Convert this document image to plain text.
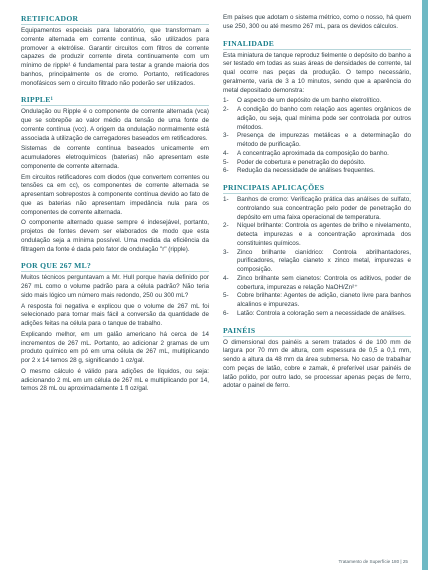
RETIFICADOR

Equipamentos especiais para laboratório, que transformam a corrente alternada em corrente contínua, são utilizados para promover a eletrólise. Garantir circuitos com filtros de corrente capazes de produzir corrente direta continuamente com um mínimo de ripple¹ é fundamental para testar a grande maioria dos banhos, principalmente os de cromo. Portanto, retificadores monofásicos sem o circuito filtrado não poderão ser utilizados.

RIPPLE¹

Ondulação ou Ripple é o componente de corrente alternada (vca) que se sobrepõe ao valor médio da tensão de uma fonte de corrente contínua (vcc). A origem da ondulação normalmente está associada à utilização de carregadores baseados em retificadores.

Sistemas de corrente contínua baseados unicamente em acumuladores eletroquímicos (baterias) não apresentam este componente de corrente alternada.

Em circuitos retificadores com diodos (que convertem correntes ou tensões ca em cc), os componentes de corrente alternada se apresentam sobrepostos à componente contínua devido ao fato de que as baterias não apresentam impedância nula para os componentes de corrente alternada.

O componente alternado quase sempre é indesejável, portanto, projetos de fontes devem ser elaborados de modo que esta ondulação seja a mínima possível. Uma medida da eficiência da filtragem da fonte é dada pelo fator de ondulação "r" (ripple).

POR QUE 267 ML?

Muitos técnicos perguntavam a Mr. Hull porque havia definido por 267 mL como o volume padrão para a célula padrão? Não teria sido mais lógico um número mais redondo, 250 ou 300 mL?

A resposta foi negativa e explicou que o volume de 267 mL foi selecionado para tornar mais fácil a conversão da quantidade de adições feitas na célula para o tanque de trabalho.

Explicando melhor, em um galão americano há cerca de 14 incrementos de 267 mL. Portanto, ao adicionar 2 gramas de um produto químico em pó em uma célula de 267 mL, multiplicando por 2 x 14 temos 28 g, significando 1 oz/gal.

O mesmo cálculo é válido para adições de líquidos, ou seja: adicionando 2 mL em um célula de 267 mL e multiplicando por 14, temos 28 mL ou aproximadamente 1 fl oz/gal.

Em países que adotam o sistema métrico, como o nosso, há quem use 250, 300 ou até mesmo 267 mL, para os devidos cálculos.

FINALIDADE

Esta miniatura de tanque reproduz fielmente o depósito do banho a ser testado em todas as suas áreas de densidades de corrente, tal qual ocorre nas peças da produção. O tempo necessário, geralmente, varia de 3 a 10 minutos, sendo que a aparência do metal depositado demonstra:

1-	O aspecto de um depósito de um banho eletrolítico.
2-	A condição do banho com relação aos agentes orgânicos de adição, ou seja, qual mínima pode ser controlada por outros métodos.
3-	Presença de impurezas metálicas e a determinação do método de purificação.
4-	A concentração aproximada da composição do banho.
5-	Poder de cobertura e penetração do depósito.
6-	Redução da necessidade de análises frequentes.
PRINCIPAIS APLICAÇÕES
1-	Banhos de cromo: Verificação prática das análises de sulfato, controlando sua concentração pelo poder de penetração do depósito em uma faixa operacional de temperatura.
2-	Níquel brilhante: Controla os agentes de brilho e nivelamento, detecta impurezas e a concentração aproximada dos constituintes químicos.
3-	Zinco brilhante cianídrico: Controla abrilhantadores, purificadores, relação cianeto x zinco metal, impurezas e composição.
4-	Zinco brilhante sem cianetos: Controla os aditivos, poder de cobertura, impurezas e relação NaOH/Zn²⁺
5-	Cobre brilhante: Agentes de adição, cianeto livre para banhos alcalinos e impurezas.
6-	Latão: Controla a coloração sem a necessidade de análises.
PAINÉIS

O dimensional dos painéis a serem tratados é de 100 mm de largura por 70 mm de altura, com espessura de 0,5 a 0,1 mm, sendo a altura da 48 mm da área submersa. No caso de trabalhar com peças de latão, cobre e zamak, é preferível usar painéis de latão polido, por outro lado, se processar apenas peças de ferro, adotar o painel de ferro.

Tratamento de Superfície 180 | 25
